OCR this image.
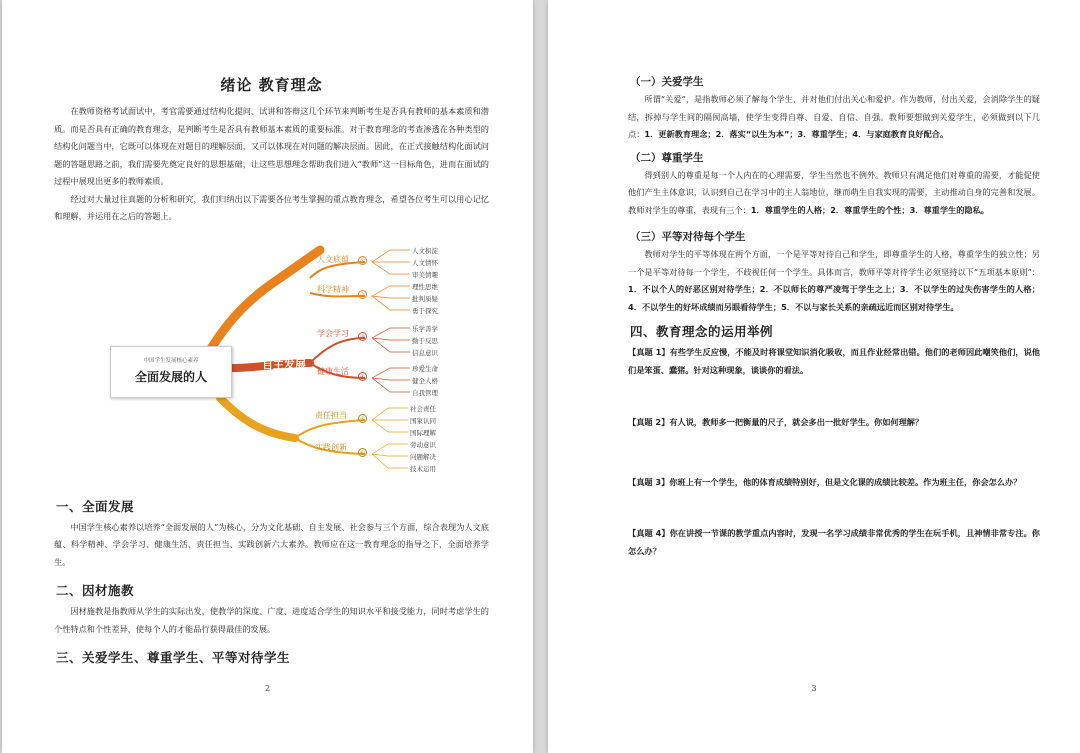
绪论 教育理念

在教师资格考试面试中，考官需要通过结构化提问、试讲和答辩这几个环节来判断考生是否具有教师的基本素质和潜质。而是否具有正确的教育理念，是判断考生是否具有教师基本素质的重要标准。对于教育理念的考查渗透在各种类型的结构化问题当中，它既可以体现在对题目的理解层面，又可以体现在对问题的解决层面。因此，在正式接触结构化面试问题的答题思路之前，我们需要先奠定良好的思想基础，让这些思想理念帮助我们进入“教师”这一目标角色，进而在面试的过程中展现出更多的教师素质。

经过对大量过往真题的分析和研究，我们归纳出以下需要各位考生掌握的重点教育理念，希望各位考生可以用心记忆和理解，并运用在之后的答题上。

中国学生发展核心素养
全面发展的人
文化基础
自主发展
社会参与
人文底蕴 ①
科学精神
②
学会学习 ③
健康生活
④
责任担当 ⑤
实践创新
⑥
人文积淀
人文情怀
审美情趣
理性思维
批判质疑
勇于探究
乐学善学
勤于反思
信息意识
珍爱生命
健全人格
自我管理
社会责任
国家认同
国际理解
劳动意识
问题解决
技术运用
一、全面发展

中国学生核心素养以培养“全面发展的人”为核心，分为文化基础、自主发展、社会参与三个方面，综合表现为人文底蕴、科学精神、学会学习、健康生活、责任担当、实践创新六大素养。教师应在这一教育理念的指导之下，全面培养学生。

二、因材施教

因材施教是指教师从学生的实际出发，使教学的深度、广度、进度适合学生的知识水平和接受能力，同时考虑学生的个性特点和个性差异，使每个人的才能品行获得最佳的发展。

三、关爱学生、尊重学生、平等对待学生
2
（一）关爱学生

所谓“关爱”，是指教师必须了解每个学生，并对他们付出关心和爱护。作为教师，付出关爱，会消除学生的疑结，拆掉与学生间的隔阂高墙，使学生变得自尊、自爱、自信、自强。教师要想做到关爱学生，必须做到以下几点：1．更新教育理念；2．落实“以生为本”；3．尊重学生；4．与家庭教育良好配合。

（二）尊重学生

得到别人的尊重是每一个人内在的心理需要，学生当然也不例外。教师只有满足他们对尊重的需要，才能促使他们产生主体意识，认识到自己在学习中的主人翁地位，继而萌生自我实现的需要，主动推动自身的完善和发展。教师对学生的尊重，表现有三个：1．尊重学生的人格；2．尊重学生的个性；3．尊重学生的隐私。

（三）平等对待每个学生

教师对学生的平等体现在两个方面，一个是平等对待自己和学生，即尊重学生的人格，尊重学生的独立性；另一个是平等对待每一个学生，不歧视任何一个学生。具体而言，教师平等对待学生必须坚持以下“五项基本原则”：1．不以个人的好恶区别对待学生；2．不以师长的尊严凌驾于学生之上；3．不以学生的过失伤害学生的人格；4．不以学生的好坏成绩而另眼看待学生；5．不以与家长关系的亲疏远近而区别对待学生。

四、教育理念的运用举例

【真题 1】有些学生反应慢，不能及时将课堂知识消化吸收，而且作业经常出错。他们的老师因此嘲笑他们，说他们是笨蛋、蠢猪。针对这种现象，谈谈你的看法。

【真题 2】有人说，教师多一把衡量的尺子，就会多出一批好学生。你如何理解？

【真题 3】你班上有一个学生，他的体育成绩特别好，但是文化课的成绩比较差。作为班主任，你会怎么办？

【真题 4】你在讲授一节课的教学重点内容时，发现一名学习成绩非常优秀的学生在玩手机，且神情非常专注。你怎么办？

3
